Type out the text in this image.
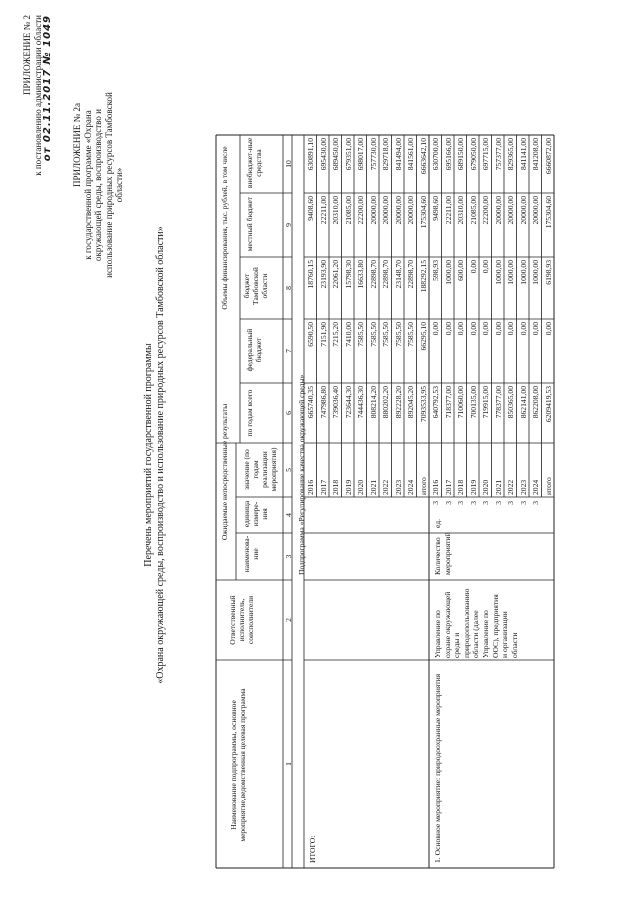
ПРИЛОЖЕНИЕ № 2 к постановлению администрации области от 02.11.2017 № 1049 ПРИЛОЖЕНИЕ № 2а к государственной программе «Охрана окружающей среды, воспроизводство и использование природных ресурсов Тамбовской области»
Перечень мероприятий государственной программы «Охрана окружающей среды, воспроизводство и использование природных ресурсов Тамбовской области»
Наименование подпрограммы, основное мероприятие,ведомственная целевая программа
Ответственный исполнитель, соисполнители
Ожидаемые непосредственные результаты
наименова-ние
единица измере-ния
значение (по годам реализации мероприятия)
Объемы финансирования, тыс. рублей, в том числе
по годам всего
федеральный бюджет
бюджет Тамбовской области
местный бюджет
внебюджет-ные средства
1
2
3
4
5
6
7
8
9
10
Подпрограмма «Регулирование качества окружающей среды»
ИТОГО:
2016
665740,35
6590,50
18760,15
9408,60
630891,10
2017
747986,80
7151,90
23193,90
22211,00
695430,00
2018
739036,40
7215,20
22061,20
20310,00
689450,00
2019
723644,30
7410,00
15798,30
21085,00
679351,00
2020
744436,30
7585,50
16633,80
22200,00
698017,00
2021
808214,20
7585,50
22898,70
20000,00
757730,00
2022
880202,20
7585,50
22898,70
20000,00
829718,00
2023
892228,20
7585,50
23148,70
20000,00
841494,00
2024
892045,20
7585,50
22898,70
20000,00
841561,00
итого
7093533,95
66295,10
188292,15
175304,60
6663642,10
1. Основное мероприятие: природоохранные мероприятия
Управление по охране окружающей среды и природопользованию области (далее Управление по ООС), предприятия и организации области
Количество мероприятий
ед.
2016
640792,53
0,00
598,93
9498,60
630700,00
3
2017
718377,00
0,00
1000,00
22211,00
695166,00
3
2018
710060,00
0,00
600,00
20310,00
689150,00
3
2019
700135,00
0,00
0,00
21085,00
679050,00
3
2020
719915,00
0,00
0,00
22200,00
697715,00
3
2021
778377,00
0,00
1000,00
20000,00
757377,00
3
2022
850365,00
0,00
1000,00
20000,00
829365,00
3
2023
862141,00
0,00
1000,00
20000,00
841141,00
3
2024
862208,00
0,00
1000,00
20000,00
841208,00
3
итого
6209419,53
0,00
6198,93
175304,60
6660872,00
